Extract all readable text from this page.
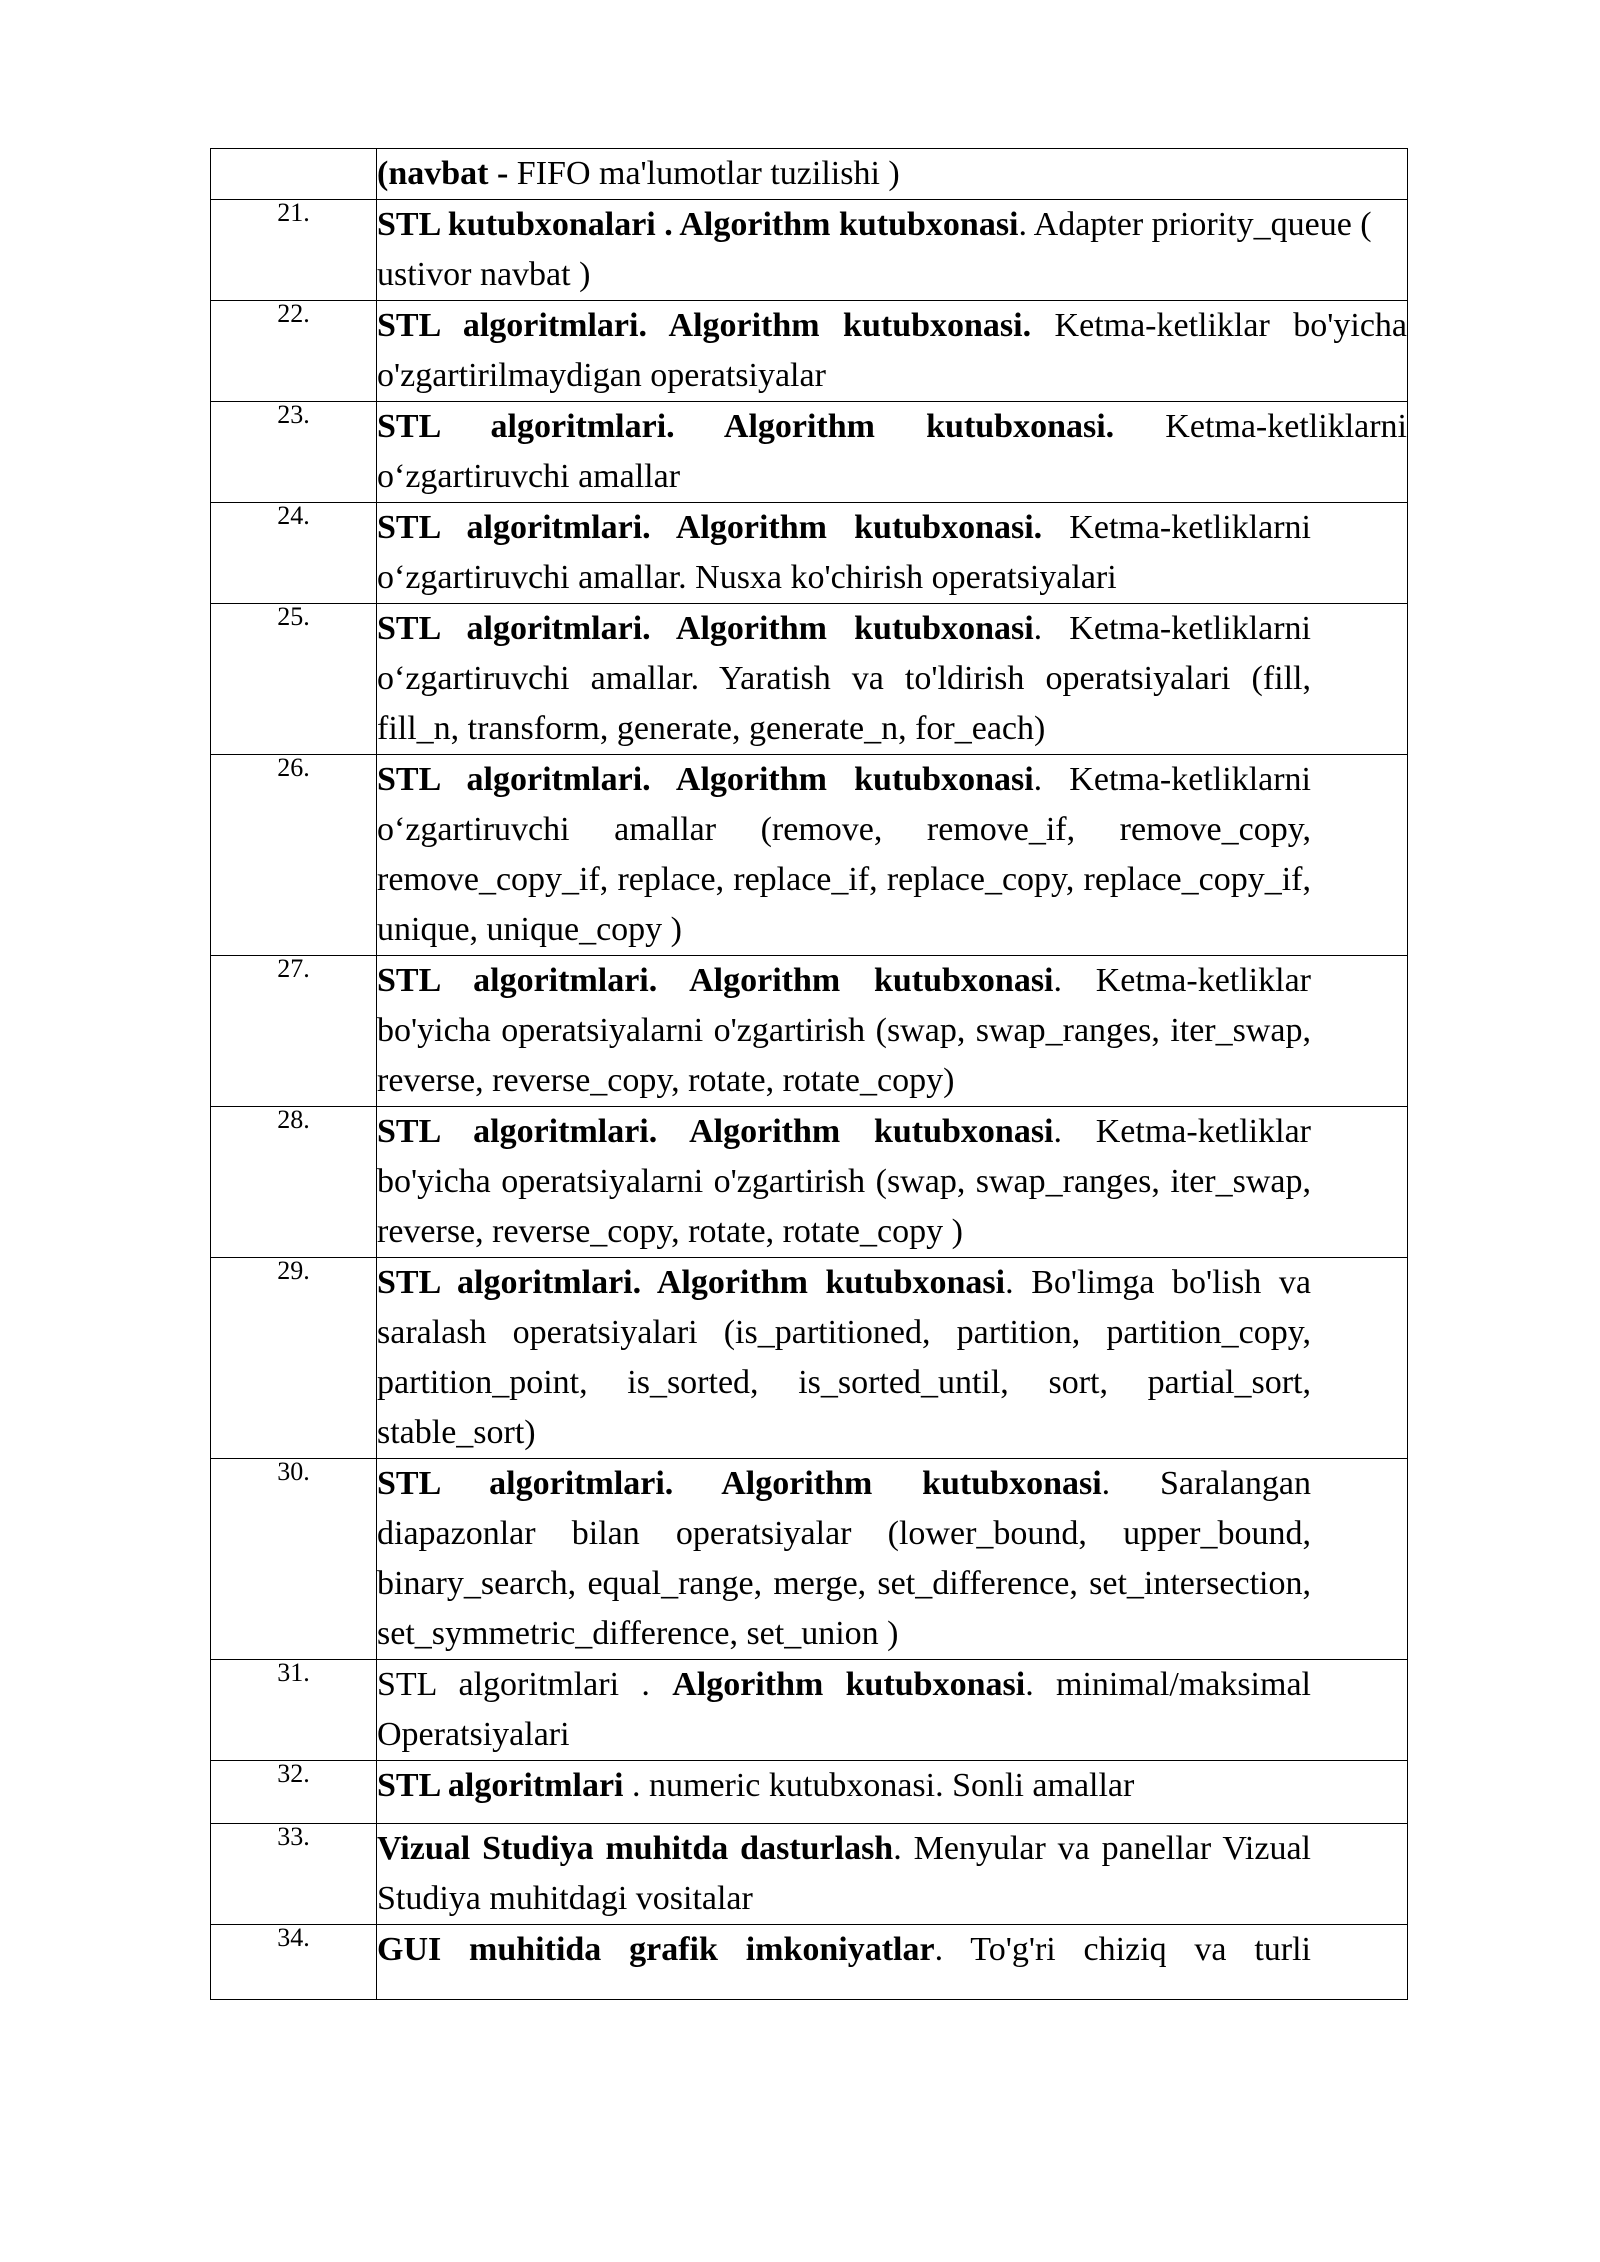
	(navbat - FIFO ma'lumotlar tuzilishi )
21.	STL kutubxonalari . Algorithm kutubxonasi. Adapter priority_queue ( ustivor navbat )
22.	STL algoritmlari. Algorithm kutubxonasi. Ketma-ketliklar bo'yicha o'zgartirilmaydigan operatsiyalar
23.	STL algoritmlari. Algorithm kutubxonasi. Ketma-ketliklarni o‘zgartiruvchi amallar
24.	STL algoritmlari. Algorithm kutubxonasi. Ketma-ketliklarni o‘zgartiruvchi amallar. Nusxa ko'chirish operatsiyalari
25.	STL algoritmlari. Algorithm kutubxonasi. Ketma-ketliklarni o‘zgartiruvchi amallar. Yaratish va to'ldirish operatsiyalari (fill, fill_n, transform, generate, generate_n, for_each)
26.	STL algoritmlari. Algorithm kutubxonasi. Ketma-ketliklarni o‘zgartiruvchi amallar (remove, remove_if, remove_copy, remove_copy_if, replace, replace_if, replace_copy, replace_copy_if, unique, unique_copy )
27.	STL algoritmlari. Algorithm kutubxonasi. Ketma-ketliklar bo'yicha operatsiyalarni o'zgartirish (swap, swap_ranges, iter_swap, reverse, reverse_copy, rotate, rotate_copy)
28.	STL algoritmlari. Algorithm kutubxonasi. Ketma-ketliklar bo'yicha operatsiyalarni o'zgartirish (swap, swap_ranges, iter_swap, reverse, reverse_copy, rotate, rotate_copy )
29.	STL algoritmlari. Algorithm kutubxonasi. Bo'limga bo'lish va saralash operatsiyalari (is_partitioned, partition, partition_copy, partition_point, is_sorted, is_sorted_until, sort, partial_sort, stable_sort)
30.	STL algoritmlari. Algorithm kutubxonasi. Saralangan diapazonlar bilan operatsiyalar (lower_bound, upper_bound, binary_search, equal_range, merge, set_difference, set_intersection, set_symmetric_difference, set_union )
31.	STL algoritmlari . Algorithm kutubxonasi. minimal/maksimal Operatsiyalari
32.	STL algoritmlari . numeric kutubxonasi. Sonli amallar
33.	Vizual Studiya muhitda dasturlash. Menyular va panellar Vizual Studiya muhitdagi vositalar
34.	GUI muhitida grafik imkoniyatlar. To'g'ri chiziq va turli
